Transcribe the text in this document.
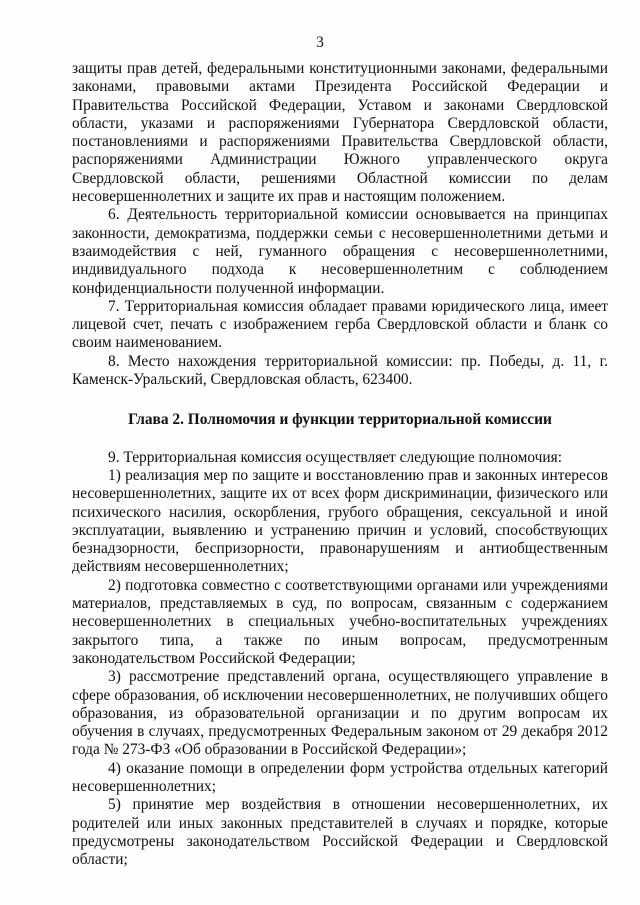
3

защиты прав детей, федеральными конституционными законами, федеральными законами, правовыми актами Президента Российской Федерации и Правительства Российской Федерации, Уставом и законами Свердловской области, указами и распоряжениями Губернатора Свердловской области, постановлениями и распоряжениями Правительства Свердловской области, распоряжениями Администрации Южного управленческого округа Свердловской области, решениями Областной комиссии по делам несовершеннолетних и защите их прав и настоящим положением.

6. Деятельность территориальной комиссии основывается на принципах законности, демократизма, поддержки семьи с несовершеннолетними детьми и взаимодействия с ней, гуманного обращения с несовершеннолетними, индивидуального подхода к несовершеннолетним с соблюдением конфиденциальности полученной информации.

7. Территориальная комиссия обладает правами юридического лица, имеет лицевой счет, печать с изображением герба Свердловской области и бланк со своим наименованием.

8. Место нахождения территориальной комиссии: пр. Победы, д. 11, г. Каменск-Уральский, Свердловская область, 623400.

Глава 2. Полномочия и функции территориальной комиссии

9. Территориальная комиссия осуществляет следующие полномочия:

1) реализация мер по защите и восстановлению прав и законных интересов несовершеннолетних, защите их от всех форм дискриминации, физического или психического насилия, оскорбления, грубого обращения, сексуальной и иной эксплуатации, выявлению и устранению причин и условий, способствующих безнадзорности, беспризорности, правонарушениям и антиобщественным действиям несовершеннолетних;

2) подготовка совместно с соответствующими органами или учреждениями материалов, представляемых в суд, по вопросам, связанным с содержанием несовершеннолетних в специальных учебно-воспитательных учреждениях закрытого типа, а также по иным вопросам, предусмотренным законодательством Российской Федерации;

3) рассмотрение представлений органа, осуществляющего управление в сфере образования, об исключении несовершеннолетних, не получивших общего образования, из образовательной организации и по другим вопросам их обучения в случаях, предусмотренных Федеральным законом от 29 декабря 2012 года № 273-ФЗ «Об образовании в Российской Федерации»;

4) оказание помощи в определении форм устройства отдельных категорий несовершеннолетних;

5) принятие мер воздействия в отношении несовершеннолетних, их родителей или иных законных представителей в случаях и порядке, которые предусмотрены законодательством Российской Федерации и Свердловской области;
